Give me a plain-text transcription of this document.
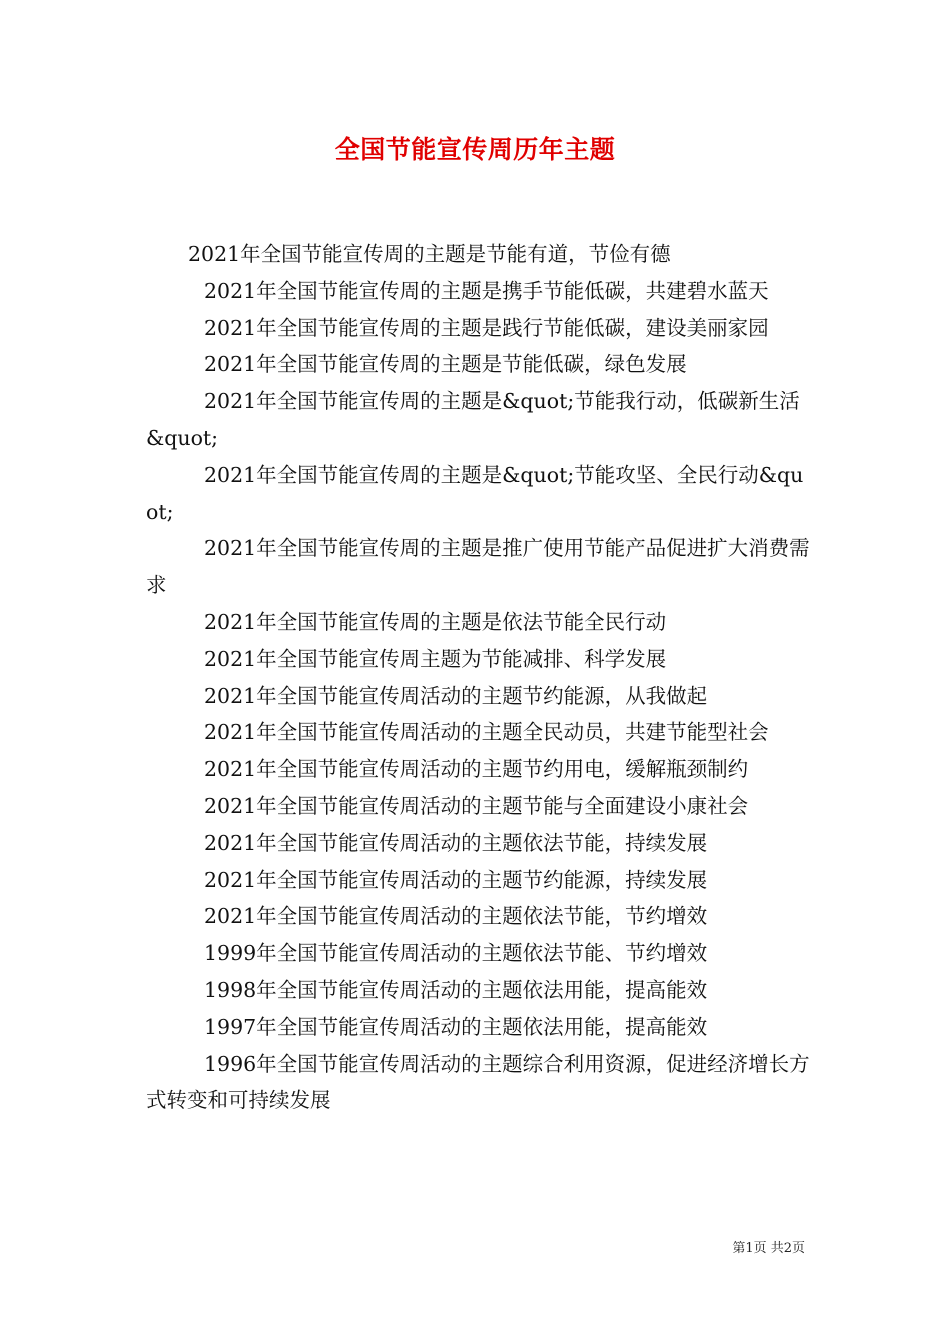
全国节能宣传周历年主题

2021年全国节能宣传周的主题是节能有道，节俭有德

2021年全国节能宣传周的主题是携手节能低碳，共建碧水蓝天

2021年全国节能宣传周的主题是践行节能低碳，建设美丽家园

2021年全国节能宣传周的主题是节能低碳，绿色发展

2021年全国节能宣传周的主题是&quot;节能我行动，低碳新生活&quot;

2021年全国节能宣传周的主题是&quot;节能攻坚、全民行动&quot;

2021年全国节能宣传周的主题是推广使用节能产品促进扩大消费需求

2021年全国节能宣传周的主题是依法节能全民行动

2021年全国节能宣传周主题为节能减排、科学发展

2021年全国节能宣传周活动的主题节约能源，从我做起

2021年全国节能宣传周活动的主题全民动员，共建节能型社会

2021年全国节能宣传周活动的主题节约用电，缓解瓶颈制约

2021年全国节能宣传周活动的主题节能与全面建设小康社会

2021年全国节能宣传周活动的主题依法节能，持续发展

2021年全国节能宣传周活动的主题节约能源，持续发展

2021年全国节能宣传周活动的主题依法节能，节约增效

1999年全国节能宣传周活动的主题依法节能、节约增效

1998年全国节能宣传周活动的主题依法用能，提高能效

1997年全国节能宣传周活动的主题依法用能，提高能效

1996年全国节能宣传周活动的主题综合利用资源，促进经济增长方式转变和可持续发展

第1页 共2页
